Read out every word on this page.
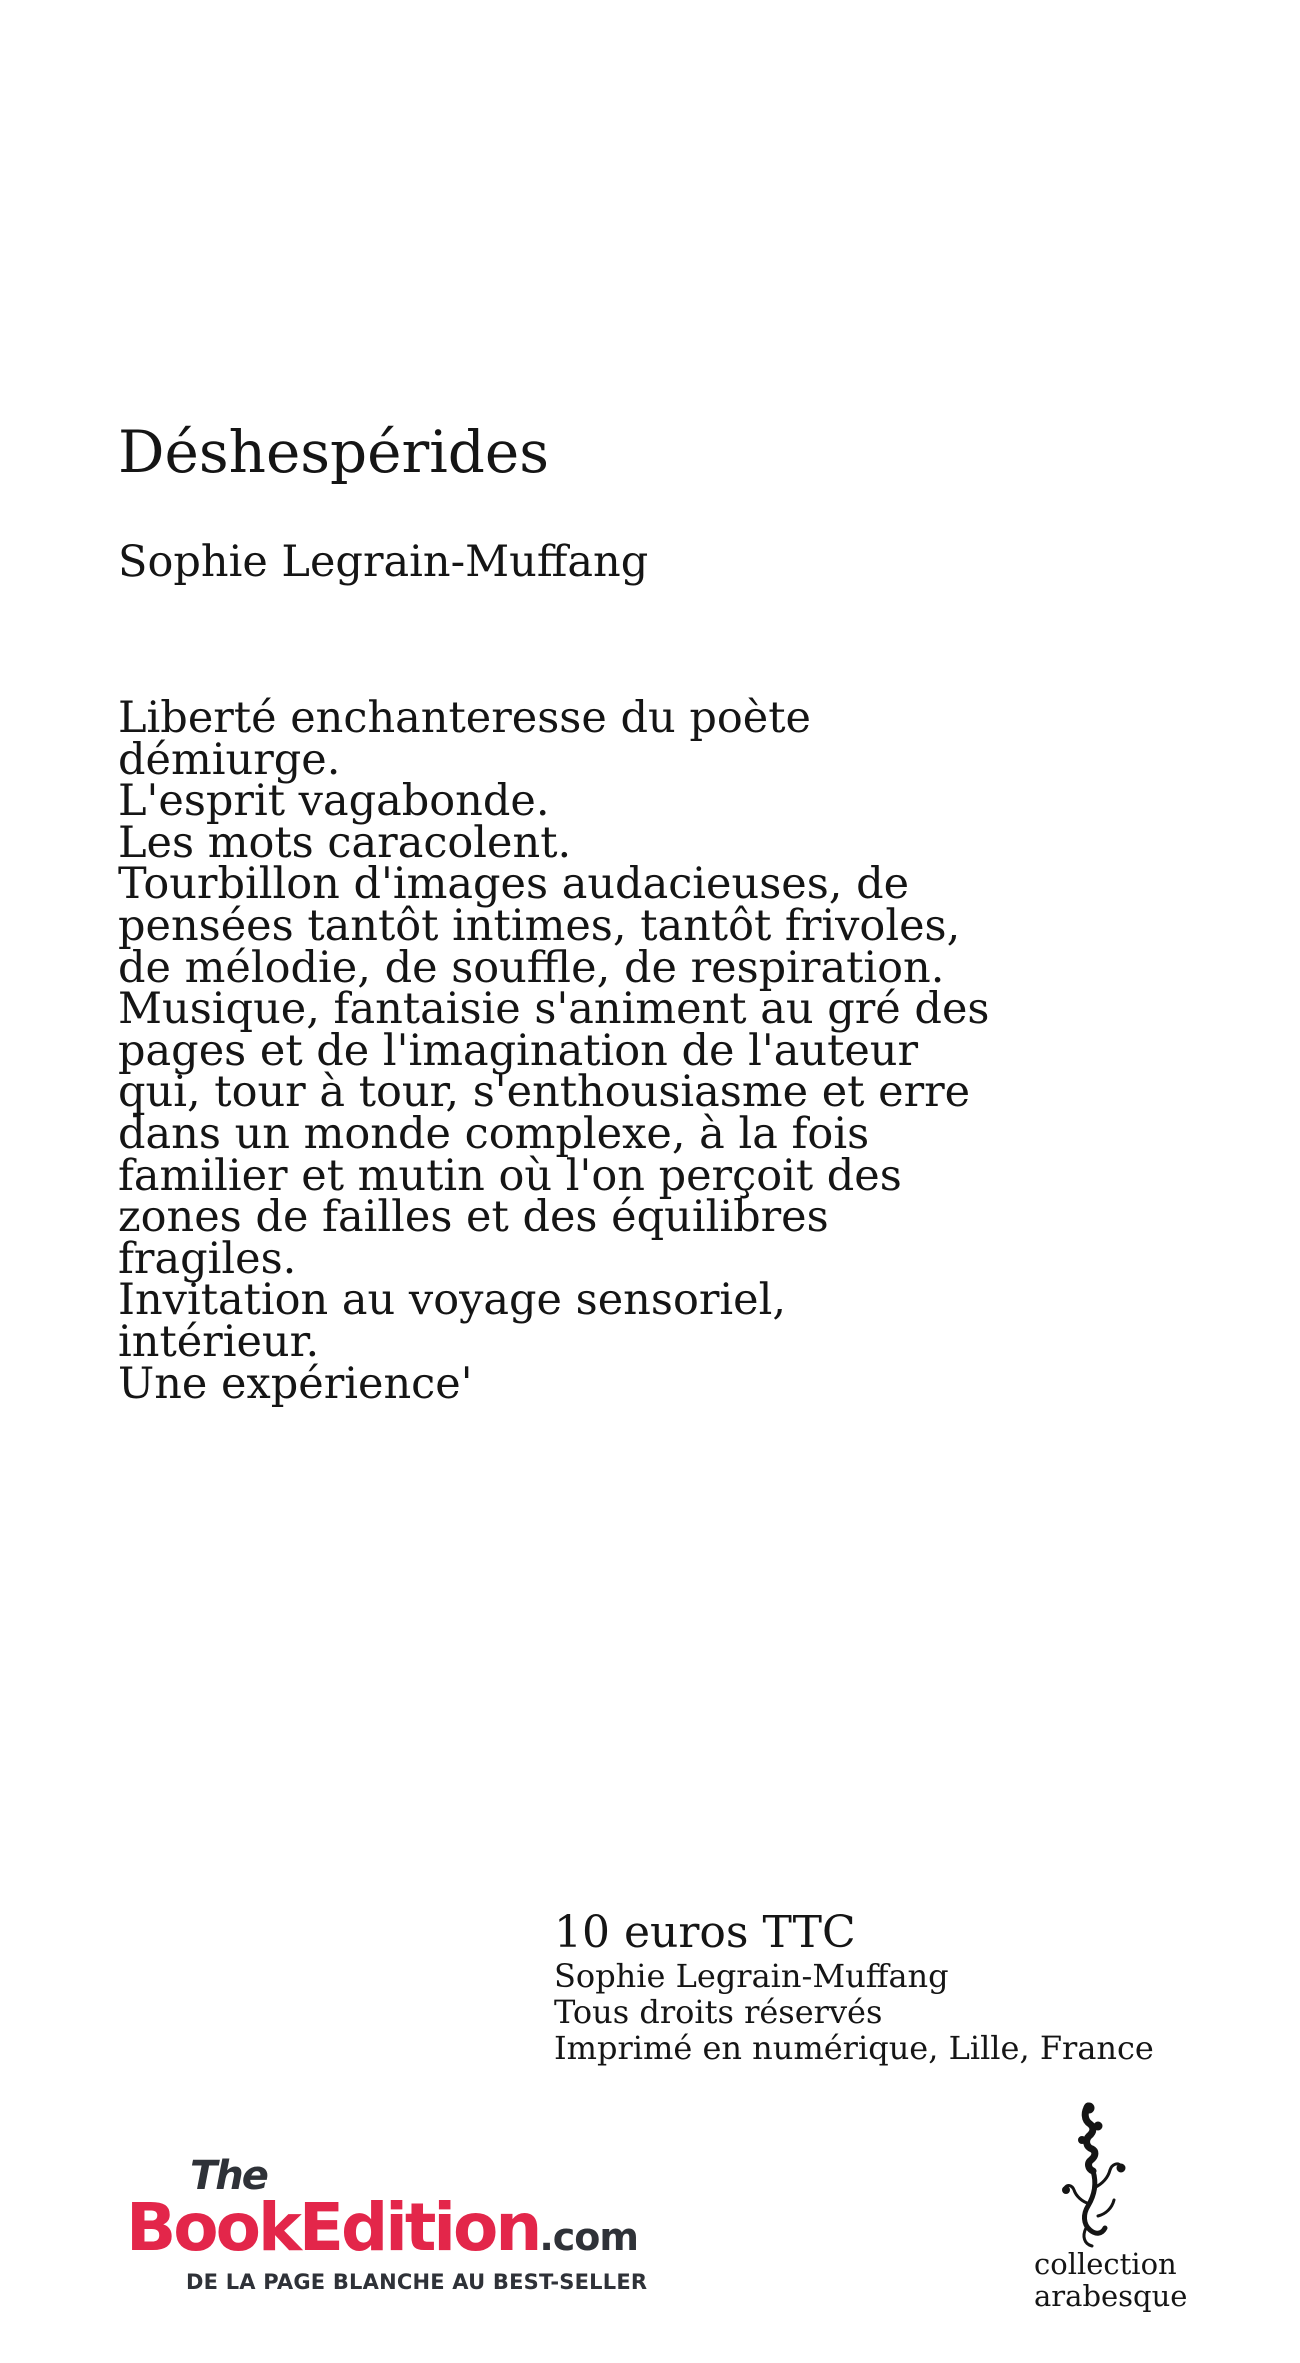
Déshespérides

Sophie Legrain-Muffang

Liberté enchanteresse du poète
démiurge.
L'esprit vagabonde.
Les mots caracolent.
Tourbillon d'images audacieuses, de
pensées tantôt intimes, tantôt frivoles,
de mélodie, de souffle, de respiration.
Musique, fantaisie s'animent au gré des
pages et de l'imagination de l'auteur
qui, tour à tour, s'enthousiasme et erre
dans un monde complexe, à la fois
familier et mutin où l'on perçoit des
zones de failles et des équilibres
fragiles.
Invitation au voyage sensoriel,
intérieur.
Une expérience'
10 euros TTC
Sophie Legrain-Muffang
Tous droits réservés
Imprimé en numérique, Lille, France
The
BookEdition.com
DE LA PAGE BLANCHE AU BEST-SELLER
collection
arabesque
